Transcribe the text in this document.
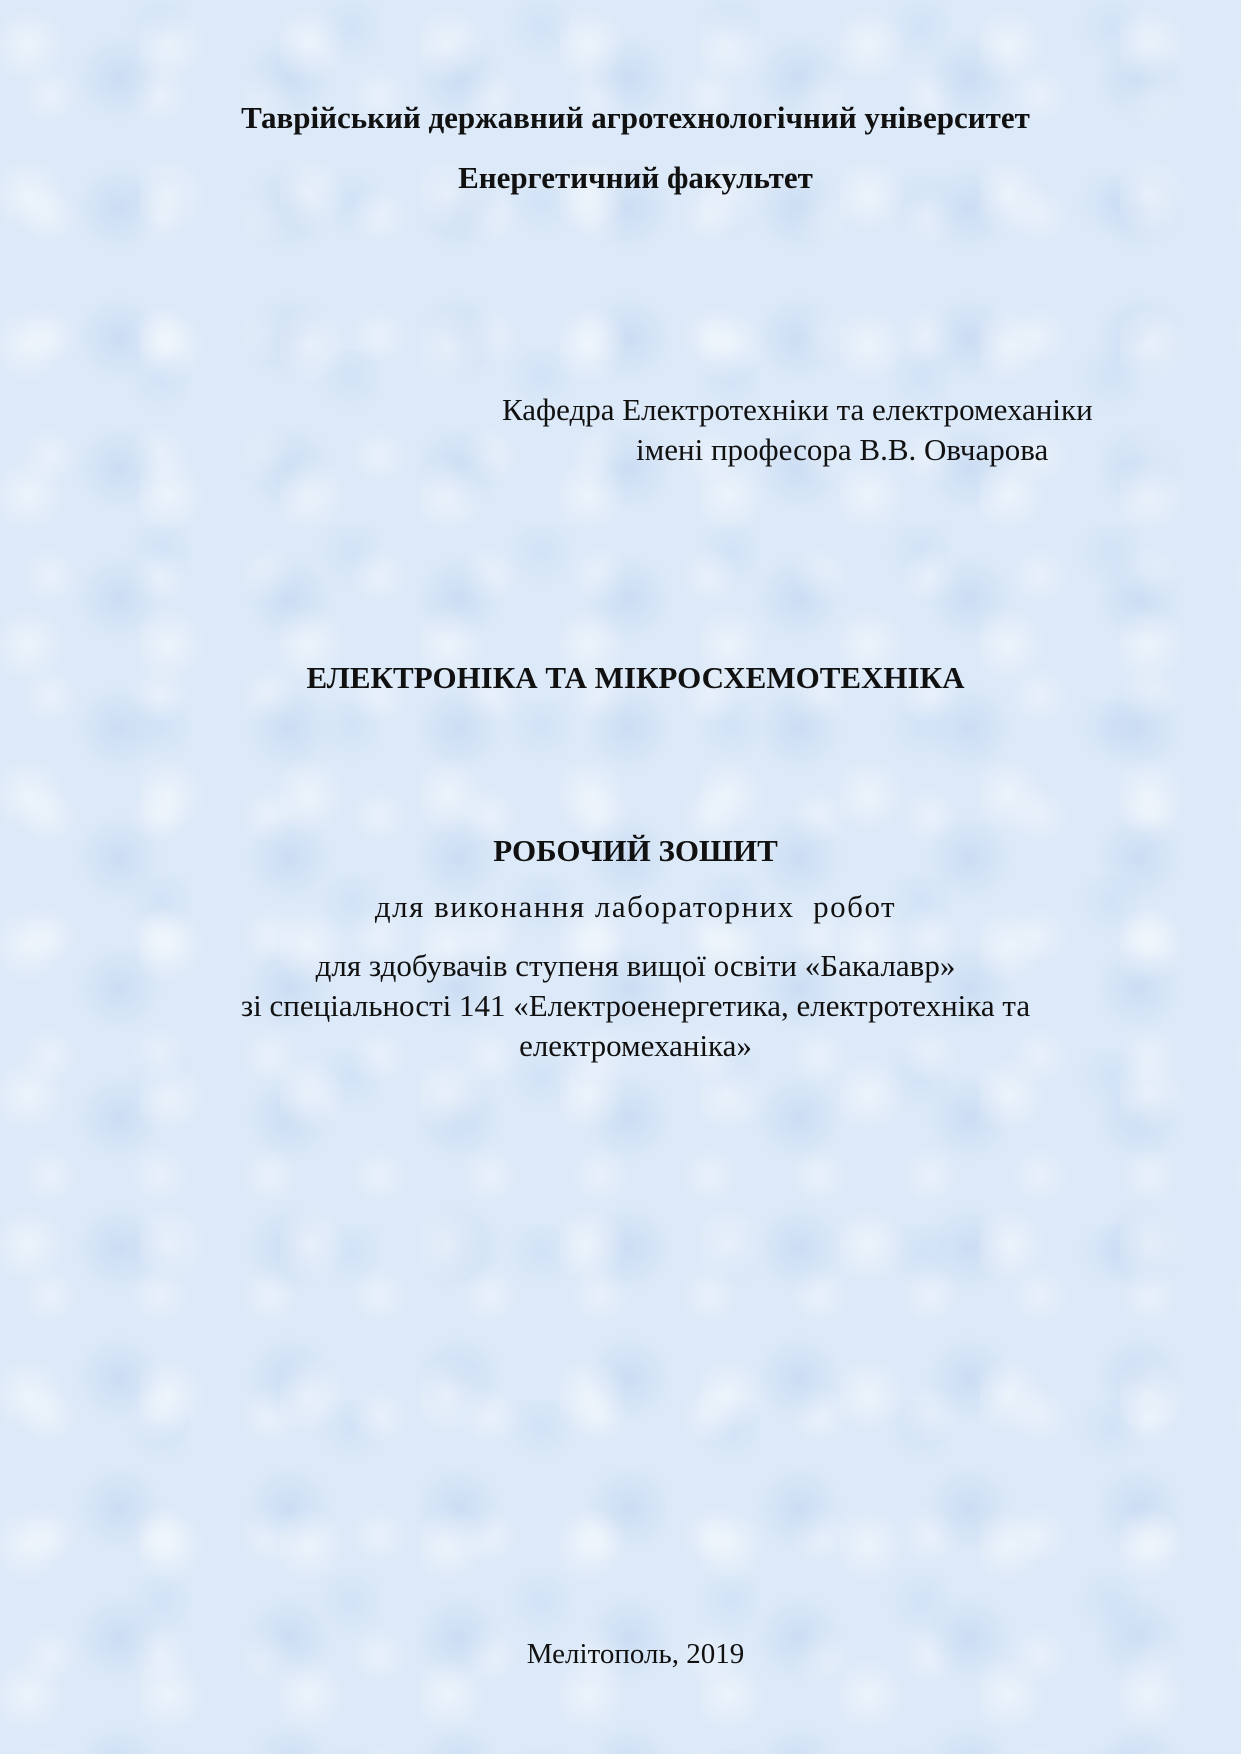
Таврійський державний агротехнологічний університет
Енергетичний факультет
Кафедра Електротехніки та електромеханіки
імені професора В.В. Овчарова
ЕЛЕКТРОНІКА ТА МІКРОСХЕМОТЕХНІКА
РОБОЧИЙ ЗОШИТ
для виконання лабораторних  робот
для здобувачів ступеня вищої освіти «Бакалавр»
зі спеціальності 141 «Електроенергетика, електротехніка та
електромеханіка»
Мелітополь, 2019
